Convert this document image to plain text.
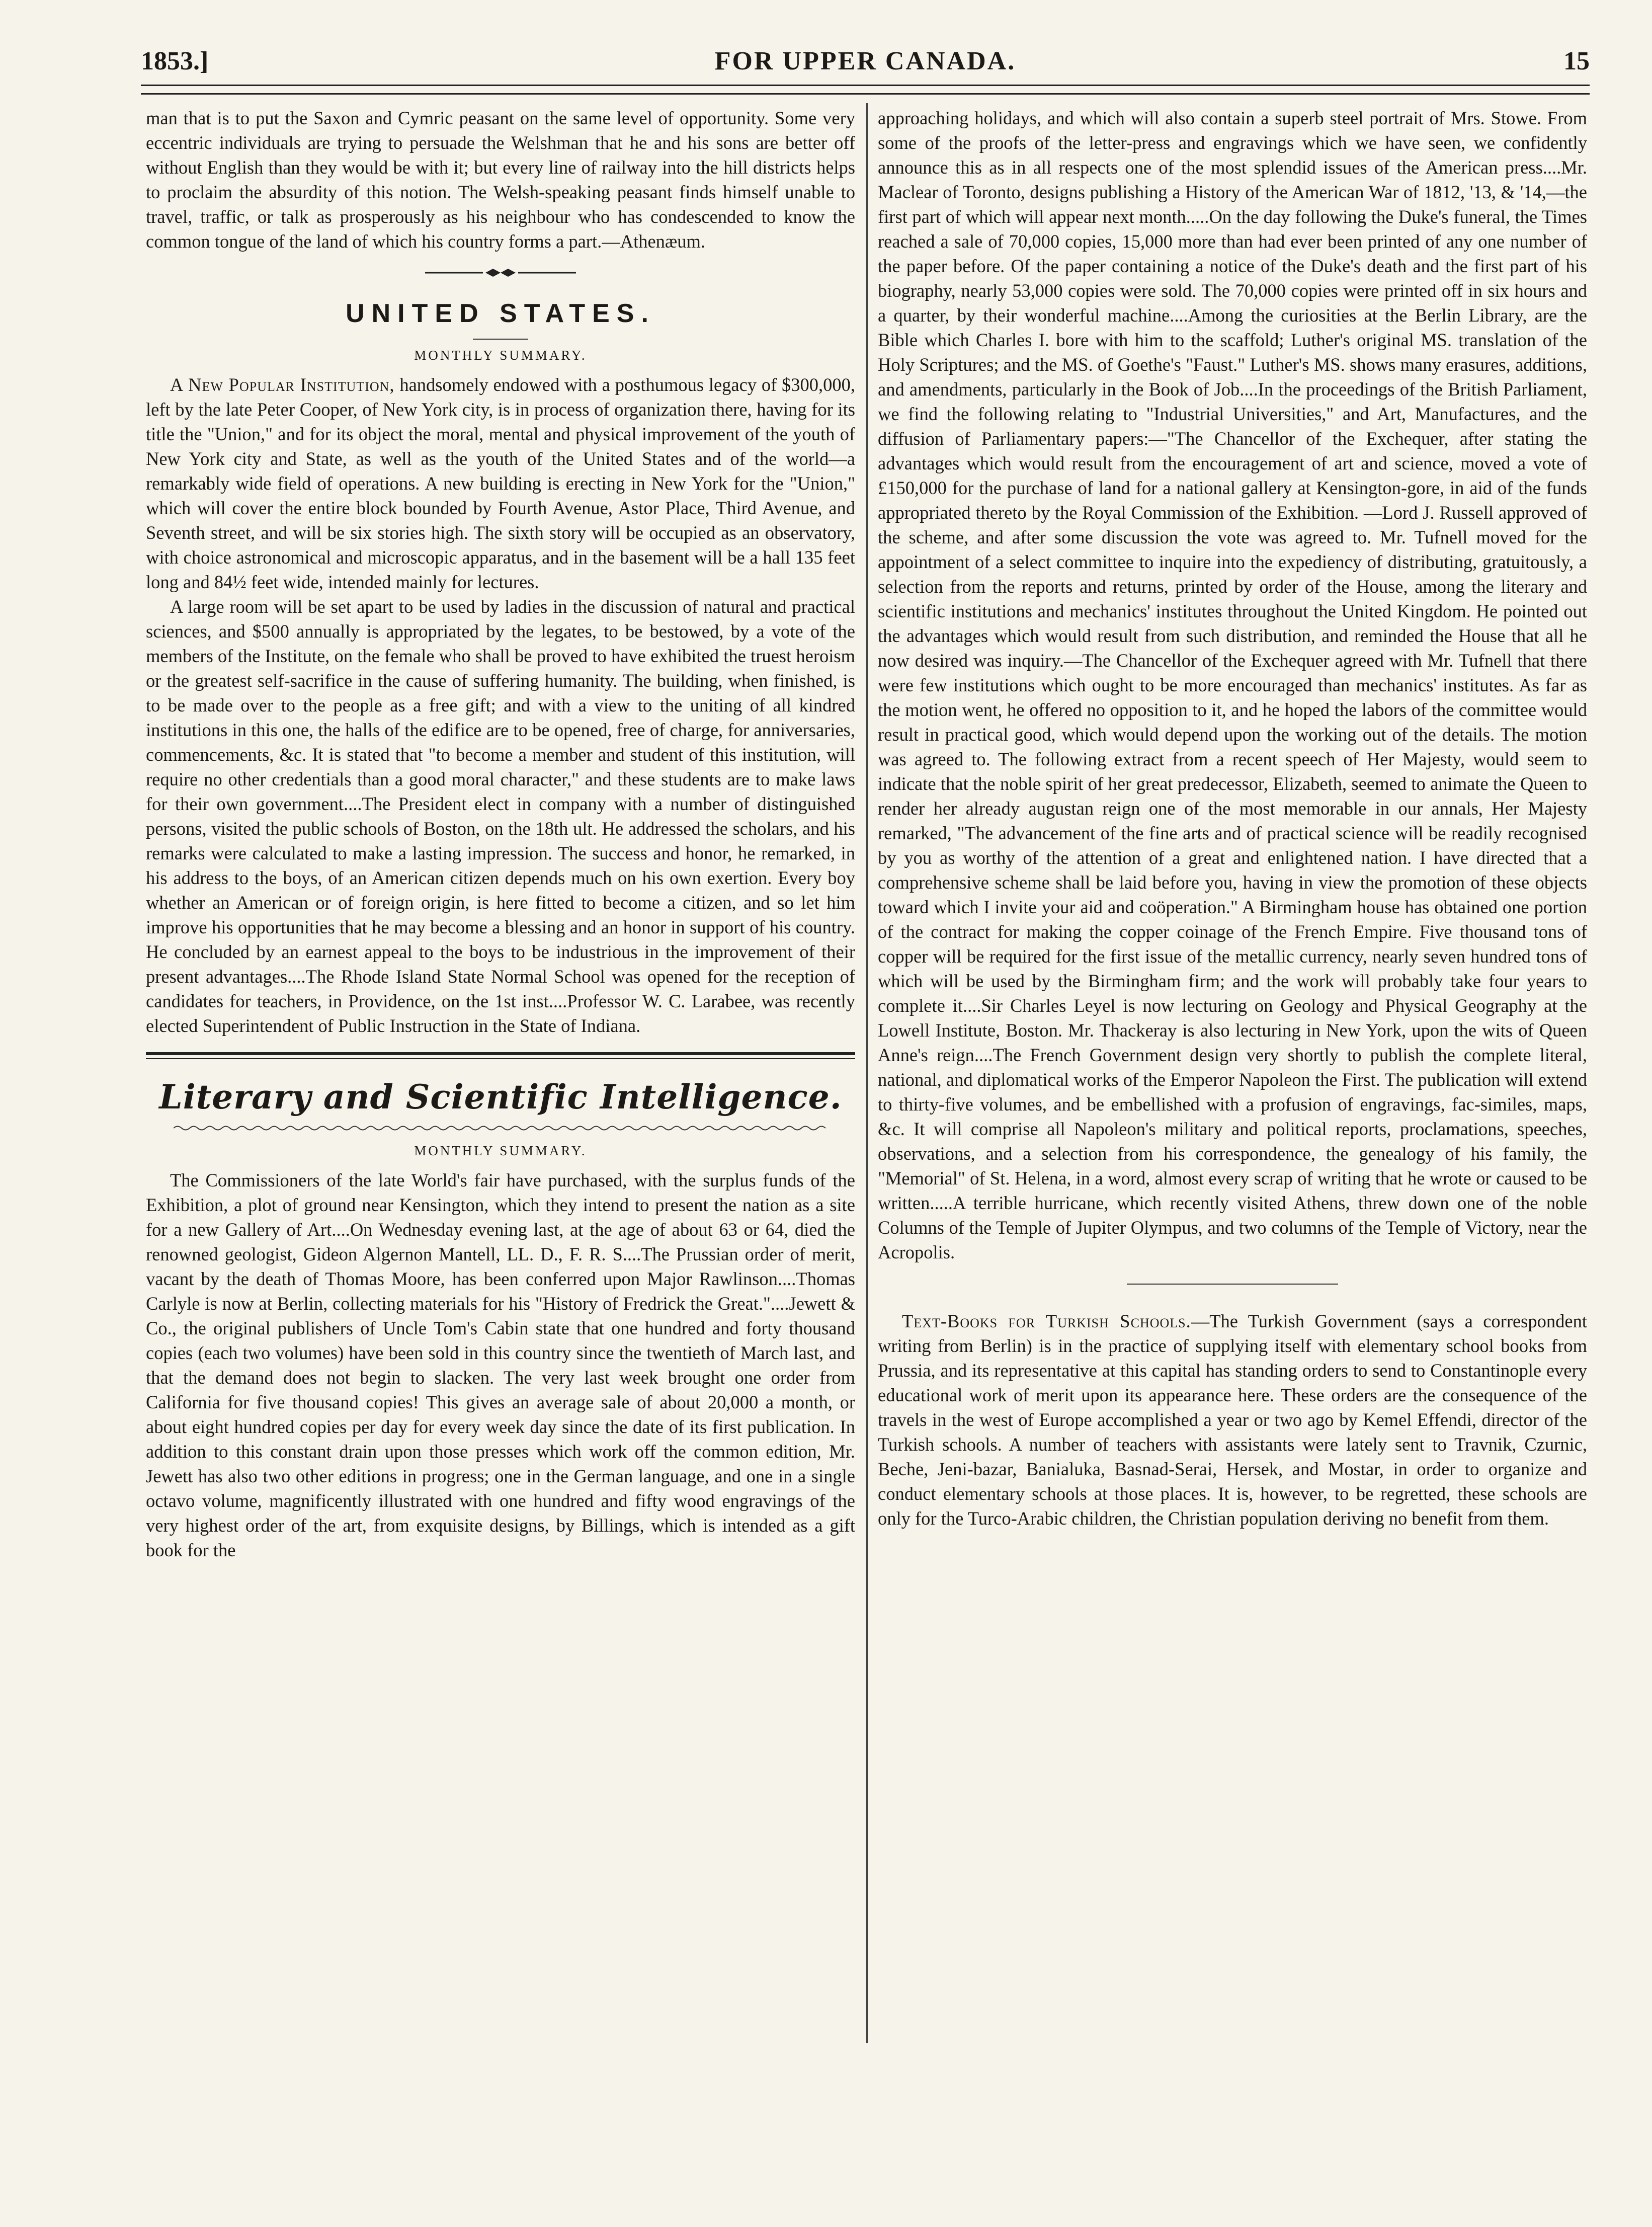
1853.]	FOR UPPER CANADA.	15

man that is to put the Saxon and Cymric peasant on the same level of opportunity. Some very eccentric individuals are trying to persuade the Welshman that he and his sons are better off without English than they would be with it; but every line of railway into the hill districts helps to proclaim the absurdity of this notion. The Welsh-speaking peasant finds himself unable to travel, traffic, or talk as prosperously as his neighbour who has condescended to know the common tongue of the land of which his country forms a part.—Athenæum.

UNITED STATES.
MONTHLY SUMMARY.

A New Popular Institution, handsomely endowed with a posthumous legacy of $300,000, left by the late Peter Cooper, of New York city, is in process of organization there, having for its title the "Union," and for its object the moral, mental and physical improvement of the youth of New York city and State, as well as the youth of the United States and of the world—a remarkably wide field of operations. A new building is erecting in New York for the "Union," which will cover the entire block bounded by Fourth Avenue, Astor Place, Third Avenue, and Seventh street, and will be six stories high. The sixth story will be occupied as an observatory, with choice astronomical and microscopic apparatus, and in the basement will be a hall 135 feet long and 84½ feet wide, intended mainly for lectures.

A large room will be set apart to be used by ladies in the discussion of natural and practical sciences, and $500 annually is appropriated by the legates, to be bestowed, by a vote of the members of the Institute, on the female who shall be proved to have exhibited the truest heroism or the greatest self-sacrifice in the cause of suffering humanity. The building, when finished, is to be made over to the people as a free gift; and with a view to the uniting of all kindred institutions in this one, the halls of the edifice are to be opened, free of charge, for anniversaries, commencements, &c. It is stated that "to become a member and student of this institution, will require no other credentials than a good moral character," and these students are to make laws for their own government....The President elect in company with a number of distinguished persons, visited the public schools of Boston, on the 18th ult. He addressed the scholars, and his remarks were calculated to make a lasting impression. The success and honor, he remarked, in his address to the boys, of an American citizen depends much on his own exertion. Every boy whether an American or of foreign origin, is here fitted to become a citizen, and so let him improve his opportunities that he may become a blessing and an honor in support of his country. He concluded by an earnest appeal to the boys to be industrious in the improvement of their present advantages....The Rhode Island State Normal School was opened for the reception of candidates for teachers, in Providence, on the 1st inst....Professor W. C. Larabee, was recently elected Superintendent of Public Instruction in the State of Indiana.

Literary and Scientific Intelligence.
MONTHLY SUMMARY.

The Commissioners of the late World's fair have purchased, with the surplus funds of the Exhibition, a plot of ground near Kensington, which they intend to present the nation as a site for a new Gallery of Art....On Wednesday evening last, at the age of about 63 or 64, died the renowned geologist, Gideon Algernon Mantell, LL. D., F. R. S....The Prussian order of merit, vacant by the death of Thomas Moore, has been conferred upon Major Rawlinson....Thomas Carlyle is now at Berlin, collecting materials for his "History of Fredrick the Great."....Jewett & Co., the original publishers of Uncle Tom's Cabin state that one hundred and forty thousand copies (each two volumes) have been sold in this country since the twentieth of March last, and that the demand does not begin to slacken. The very last week brought one order from California for five thousand copies! This gives an average sale of about 20,000 a month, or about eight hundred copies per day for every week day since the date of its first publication. In addition to this constant drain upon those presses which work off the common edition, Mr. Jewett has also two other editions in progress; one in the German language, and one in a single octavo volume, magnificently illustrated with one hundred and fifty wood engravings of the very highest order of the art, from exquisite designs, by Billings, which is intended as a gift book for the

approaching holidays, and which will also contain a superb steel portrait of Mrs. Stowe. From some of the proofs of the letter-press and engravings which we have seen, we confidently announce this as in all respects one of the most splendid issues of the American press....Mr. Maclear of Toronto, designs publishing a History of the American War of 1812, '13, & '14,—the first part of which will appear next month.....On the day following the Duke's funeral, the Times reached a sale of 70,000 copies, 15,000 more than had ever been printed of any one number of the paper before. Of the paper containing a notice of the Duke's death and the first part of his biography, nearly 53,000 copies were sold. The 70,000 copies were printed off in six hours and a quarter, by their wonderful machine....Among the curiosities at the Berlin Library, are the Bible which Charles I. bore with him to the scaffold; Luther's original MS. translation of the Holy Scriptures; and the MS. of Goethe's "Faust." Luther's MS. shows many erasures, additions, and amendments, particularly in the Book of Job....In the proceedings of the British Parliament, we find the following relating to "Industrial Universities," and Art, Manufactures, and the diffusion of Parliamentary papers:—"The Chancellor of the Exchequer, after stating the advantages which would result from the encouragement of art and science, moved a vote of £150,000 for the purchase of land for a national gallery at Kensington-gore, in aid of the funds appropriated thereto by the Royal Commission of the Exhibition. —Lord J. Russell approved of the scheme, and after some discussion the vote was agreed to. Mr. Tufnell moved for the appointment of a select committee to inquire into the expediency of distributing, gratuitously, a selection from the reports and returns, printed by order of the House, among the literary and scientific institutions and mechanics' institutes throughout the United Kingdom. He pointed out the advantages which would result from such distribution, and reminded the House that all he now desired was inquiry.—The Chancellor of the Exchequer agreed with Mr. Tufnell that there were few institutions which ought to be more encouraged than mechanics' institutes. As far as the motion went, he offered no opposition to it, and he hoped the labors of the committee would result in practical good, which would depend upon the working out of the details. The motion was agreed to. The following extract from a recent speech of Her Majesty, would seem to indicate that the noble spirit of her great predecessor, Elizabeth, seemed to animate the Queen to render her already augustan reign one of the most memorable in our annals, Her Majesty remarked, "The advancement of the fine arts and of practical science will be readily recognised by you as worthy of the attention of a great and enlightened nation. I have directed that a comprehensive scheme shall be laid before you, having in view the promotion of these objects toward which I invite your aid and coöperation." A Birmingham house has obtained one portion of the contract for making the copper coinage of the French Empire. Five thousand tons of copper will be required for the first issue of the metallic currency, nearly seven hundred tons of which will be used by the Birmingham firm; and the work will probably take four years to complete it....Sir Charles Leyel is now lecturing on Geology and Physical Geography at the Lowell Institute, Boston. Mr. Thackeray is also lecturing in New York, upon the wits of Queen Anne's reign....The French Government design very shortly to publish the complete literal, national, and diplomatical works of the Emperor Napoleon the First. The publication will extend to thirty-five volumes, and be embellished with a profusion of engravings, fac-similes, maps, &c. It will comprise all Napoleon's military and political reports, proclamations, speeches, observations, and a selection from his correspondence, the genealogy of his family, the "Memorial" of St. Helena, in a word, almost every scrap of writing that he wrote or caused to be written.....A terrible hurricane, which recently visited Athens, threw down one of the noble Columns of the Temple of Jupiter Olympus, and two columns of the Temple of Victory, near the Acropolis.

Text-Books for Turkish Schools.—The Turkish Government (says a correspondent writing from Berlin) is in the practice of supplying itself with elementary school books from Prussia, and its representative at this capital has standing orders to send to Constantinople every educational work of merit upon its appearance here. These orders are the consequence of the travels in the west of Europe accomplished a year or two ago by Kemel Effendi, director of the Turkish schools. A number of teachers with assistants were lately sent to Travnik, Czurnic, Beche, Jeni-bazar, Banialuka, Basnad-Serai, Hersek, and Mostar, in order to organize and conduct elementary schools at those places. It is, however, to be regretted, these schools are only for the Turco-Arabic children, the Christian population deriving no benefit from them.
